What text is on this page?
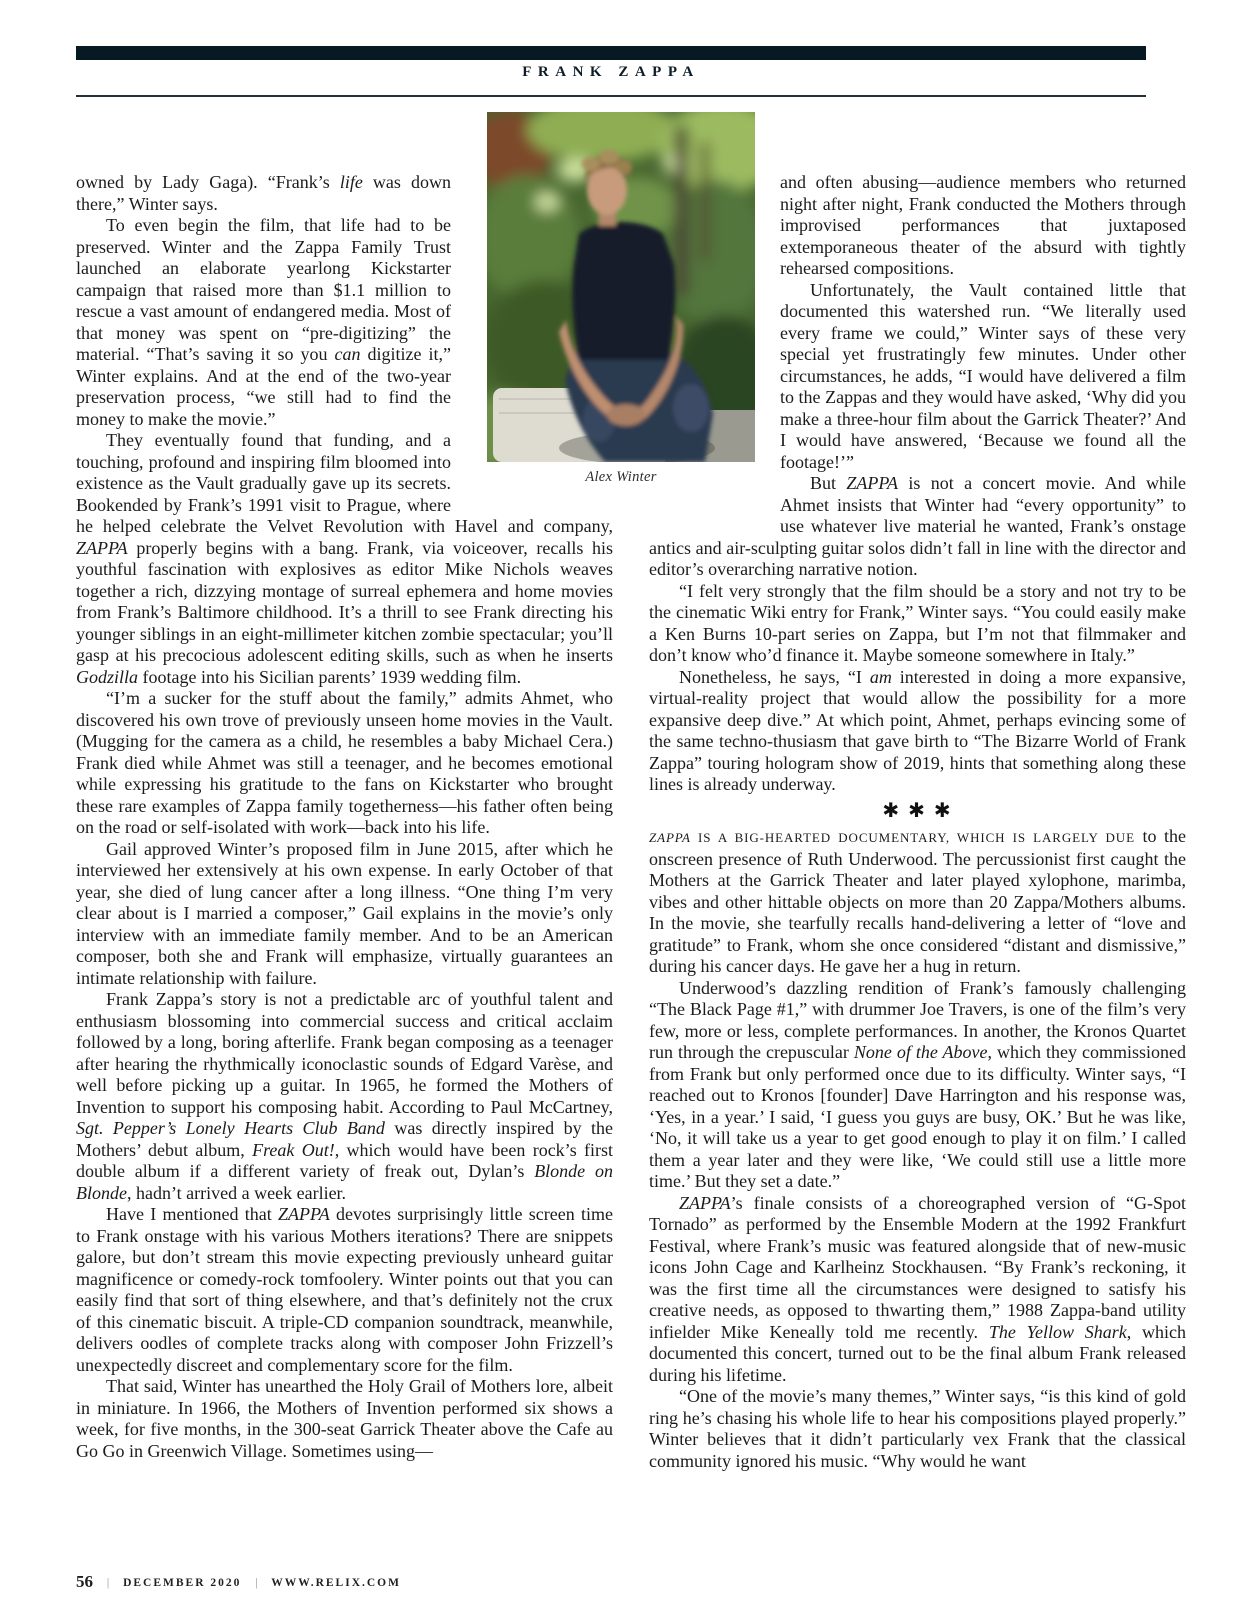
FRANK ZAPPA
Alex Winter

owned by Lady Gaga). “Frank’s life was down there,” Winter says.

To even begin the film, that life had to be preserved. Winter and the Zappa Family Trust launched an elaborate yearlong Kickstarter campaign that raised more than $1.1 million to rescue a vast amount of endangered media. Most of that money was spent on “pre-digitizing” the material. “That’s saving it so you can digitize it,” Winter explains. And at the end of the two-year preservation process, “we still had to find the money to make the movie.”

They eventually found that funding, and a touching, profound and inspiring film bloomed into existence as the Vault gradually gave up its secrets. Bookended by Frank’s 1991 visit to Prague, where he helped celebrate the Velvet Revolution with Havel and company, ZAPPA properly begins with a bang. Frank, via voiceover, recalls his youthful fascination with explosives as editor Mike Nichols weaves together a rich, dizzying montage of surreal ephemera and home movies from Frank’s Baltimore childhood. It’s a thrill to see Frank directing his younger siblings in an eight-millimeter kitchen zombie spectacular; you’ll gasp at his precocious adolescent editing skills, such as when he inserts Godzilla footage into his Sicilian parents’ 1939 wedding film.

“I’m a sucker for the stuff about the family,” admits Ahmet, who discovered his own trove of previously unseen home movies in the Vault. (Mugging for the camera as a child, he resembles a baby Michael Cera.) Frank died while Ahmet was still a teenager, and he becomes emotional while expressing his gratitude to the fans on Kickstarter who brought these rare examples of Zappa family togetherness—his father often being on the road or self-isolated with work—back into his life.

Gail approved Winter’s proposed film in June 2015, after which he interviewed her extensively at his own expense. In early October of that year, she died of lung cancer after a long illness. “One thing I’m very clear about is I married a composer,” Gail explains in the movie’s only interview with an immediate family member. And to be an American composer, both she and Frank will emphasize, virtually guarantees an intimate relationship with failure.

Frank Zappa’s story is not a predictable arc of youthful talent and enthusiasm blossoming into commercial success and critical acclaim followed by a long, boring afterlife. Frank began composing as a teenager after hearing the rhythmically iconoclastic sounds of Edgard Varèse, and well before picking up a guitar. In 1965, he formed the Mothers of Invention to support his composing habit. According to Paul McCartney, Sgt. Pepper’s Lonely Hearts Club Band was directly inspired by the Mothers’ debut album, Freak Out!, which would have been rock’s first double album if a different variety of freak out, Dylan’s Blonde on Blonde, hadn’t arrived a week earlier.

Have I mentioned that ZAPPA devotes surprisingly little screen time to Frank onstage with his various Mothers iterations? There are snippets galore, but don’t stream this movie expecting previously unheard guitar magnificence or comedy-rock tomfoolery. Winter points out that you can easily find that sort of thing elsewhere, and that’s definitely not the crux of this cinematic biscuit. A triple-CD companion soundtrack, meanwhile, delivers oodles of complete tracks along with composer John Frizzell’s unexpectedly discreet and complementary score for the film.

That said, Winter has unearthed the Holy Grail of Mothers lore, albeit in miniature. In 1966, the Mothers of Invention performed six shows a week, for five months, in the 300-seat Garrick Theater above the Cafe au Go Go in Greenwich Village. Sometimes using—

and often abusing—audience members who returned night after night, Frank conducted the Mothers through improvised performances that juxtaposed extemporaneous theater of the absurd with tightly rehearsed compositions.

Unfortunately, the Vault contained little that documented this watershed run. “We literally used every frame we could,” Winter says of these very special yet frustratingly few minutes. Under other circumstances, he adds, “I would have delivered a film to the Zappas and they would have asked, ‘Why did you make a three-hour film about the Garrick Theater?’ And I would have answered, ‘Because we found all the footage!’”

But ZAPPA is not a concert movie. And while Ahmet insists that Winter had “every opportunity” to use whatever live material he wanted, Frank’s onstage antics and air-sculpting guitar solos didn’t fall in line with the director and editor’s overarching narrative notion.

“I felt very strongly that the film should be a story and not try to be the cinematic Wiki entry for Frank,” Winter says. “You could easily make a Ken Burns 10-part series on Zappa, but I’m not that filmmaker and don’t know who’d finance it. Maybe someone somewhere in Italy.”

Nonetheless, he says, “I am interested in doing a more expansive, virtual-reality project that would allow the possibility for a more expansive deep dive.” At which point, Ahmet, perhaps evincing some of the same techno-thusiasm that gave birth to “The Bizarre World of Frank Zappa” touring hologram show of 2019, hints that something along these lines is already underway.

✱ ✱ ✱

ZAPPA IS A BIG-HEARTED DOCUMENTARY, WHICH IS LARGELY DUE to the onscreen presence of Ruth Underwood. The percussionist first caught the Mothers at the Garrick Theater and later played xylophone, marimba, vibes and other hittable objects on more than 20 Zappa/Mothers albums. In the movie, she tearfully recalls hand-delivering a letter of “love and gratitude” to Frank, whom she once considered “distant and dismissive,” during his cancer days. He gave her a hug in return.

Underwood’s dazzling rendition of Frank’s famously challenging “The Black Page #1,” with drummer Joe Travers, is one of the film’s very few, more or less, complete performances. In another, the Kronos Quartet run through the crepuscular None of the Above, which they commissioned from Frank but only performed once due to its difficulty. Winter says, “I reached out to Kronos [founder] Dave Harrington and his response was, ‘Yes, in a year.’ I said, ‘I guess you guys are busy, OK.’ But he was like, ‘No, it will take us a year to get good enough to play it on film.’ I called them a year later and they were like, ‘We could still use a little more time.’ But they set a date.”

ZAPPA’s finale consists of a choreographed version of “G-Spot Tornado” as performed by the Ensemble Modern at the 1992 Frankfurt Festival, where Frank’s music was featured alongside that of new-music icons John Cage and Karlheinz Stockhausen. “By Frank’s reckoning, it was the first time all the circumstances were designed to satisfy his creative needs, as opposed to thwarting them,” 1988 Zappa-band utility infielder Mike Keneally told me recently. The Yellow Shark, which documented this concert, turned out to be the final album Frank released during his lifetime.

“One of the movie’s many themes,” Winter says, “is this kind of gold ring he’s chasing his whole life to hear his compositions played properly.” Winter believes that it didn’t particularly vex Frank that the classical community ignored his music. “Why would he want

56 | DECEMBER 2020 | WWW.RELIX.COM
